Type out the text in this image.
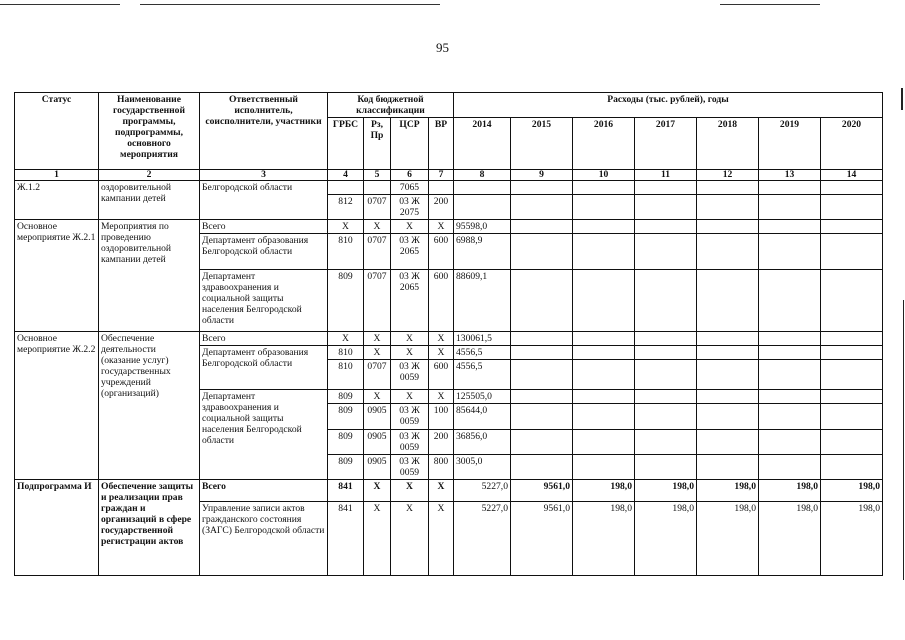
95
Статус	Наименование государственной программы, подпрограммы, основного мероприятия	Ответственный исполнитель, соисполнители, участники	Код бюджетной классификации				Расходы (тыс. рублей), годы						
			ГРБС	Рз, Пр	ЦСР	ВР	2014	2015	2016	2017	2018	2019	2020
1	2	3	4	5	6	7	8	9	10	11	12	13	14
Ж.1.2	оздоровительной кампании детей	Белгородской области			7065								
			812	0707	03 Ж 2075	200							
Основное мероприятие Ж.2.1	Мероприятия по проведению оздоровительной кампании детей	Всего	Х	Х	Х	Х	95598,0						
		Департамент образования Белгородской области	810	0707	03 Ж 2065	600	6988,9						
		Департамент здравоохранения и социальной защиты населения Белгородской области	809	0707	03 Ж 2065	600	88609,1						
Основное мероприятие Ж.2.2	Обеспечение деятельности (оказание услуг) государственных учреждений (организаций)	Всего	Х	Х	Х	Х	130061,5						
		Департамент образования Белгородской области	810	Х	Х	Х	4556,5						
			810	0707	03 Ж 0059	600	4556,5						
		Департамент здравоохранения и социальной защиты населения Белгородской области	809	Х	Х	Х	125505,0						
			809	0905	03 Ж 0059	100	85644,0						
			809	0905	03 Ж 0059	200	36856,0						
			809	0905	03 Ж 0059	800	3005,0						
Подпрограмма И	Обеспечение защиты и реализации прав граждан и организаций в сфере государственной регистрации актов	Всего	841	Х	Х	Х	5227,0	9561,0	198,0	198,0	198,0	198,0	198,0
		Управление записи актов гражданского состояния (ЗАГС) Белгородской области	841	Х	Х	Х	5227,0	9561,0	198,0	198,0	198,0	198,0	198,0
